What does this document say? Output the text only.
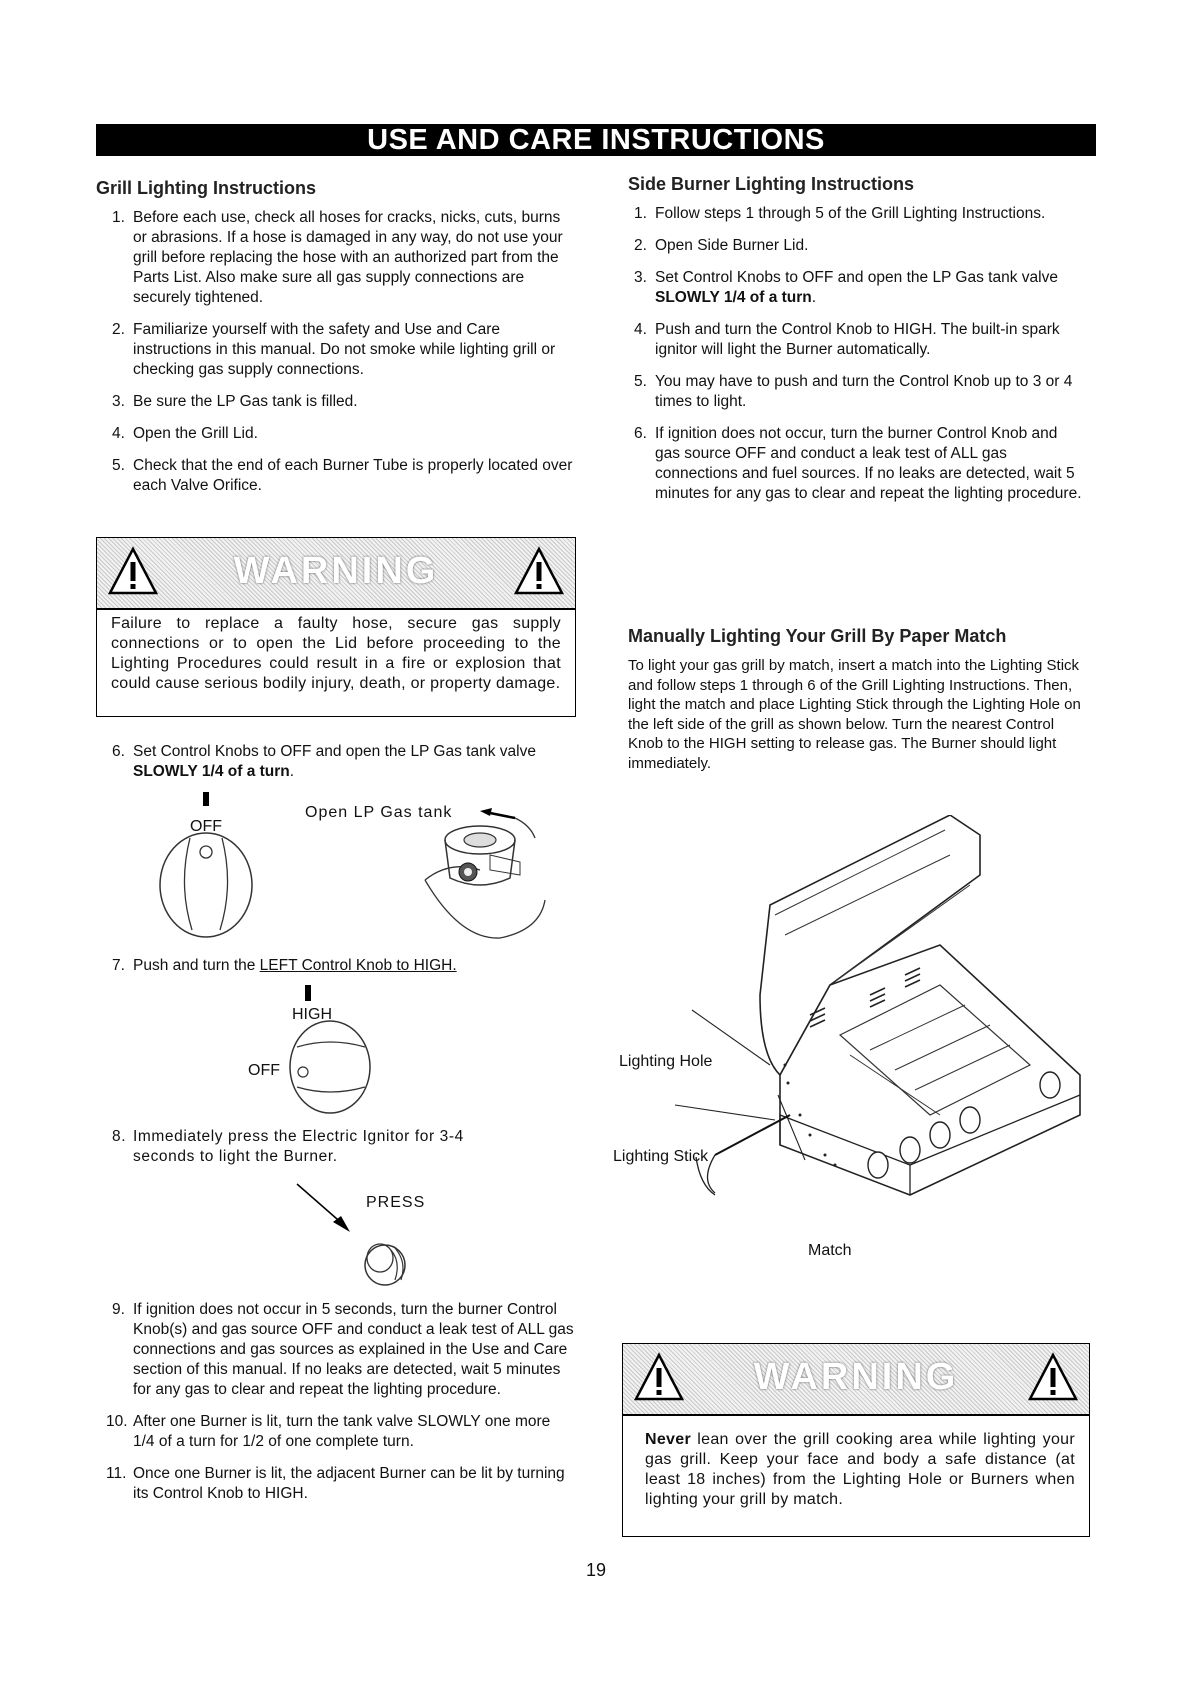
USE AND CARE INSTRUCTIONS
Grill Lighting Instructions
1. Before each use, check all hoses for cracks, nicks, cuts, burns or abrasions. If a hose is damaged in any way, do not use your grill before replacing the hose with an authorized part from the Parts List. Also make sure all gas supply connections are securely tightened.
2. Familiarize yourself with the safety and Use and Care instructions in this manual. Do not smoke while lighting grill or checking gas supply connections.
3. Be sure the LP Gas tank is filled.
4. Open the Grill Lid.
5. Check that the end of each Burner Tube is properly located over each Valve Orifice.
WARNING
Failure to replace a faulty hose, secure gas supply connections or to open the Lid before proceeding to the Lighting Procedures could result in a fire or explosion that could cause serious bodily injury, death, or property damage.
6. Set Control Knobs to OFF and open the LP Gas tank valve SLOWLY 1/4 of a turn.
OFF
Open LP Gas tank
7. Push and turn the LEFT Control Knob to HIGH.
HIGH
OFF
8. Immediately press the Electric Ignitor for 3-4 seconds to light the Burner.
PRESS
9. If ignition does not occur in 5 seconds, turn the burner Control Knob(s) and gas source OFF and conduct a leak test of ALL gas connections and gas sources as explained in the Use and Care section of this manual. If no leaks are detected, wait 5 minutes for any gas to clear and repeat the lighting procedure.
10. After one Burner is lit, turn the tank valve SLOWLY one more 1/4 of a turn for 1/2 of one complete turn.
11. Once one Burner is lit, the adjacent Burner can be lit by turning its Control Knob to HIGH.
Side Burner Lighting Instructions
1. Follow steps 1 through 5 of the Grill Lighting Instructions.
2. Open Side Burner Lid.
3. Set Control Knobs to OFF and open the LP Gas tank valve SLOWLY 1/4 of a turn.
4. Push and turn the Control Knob to HIGH. The built-in spark ignitor will light the Burner automatically.
5. You may have to push and turn the Control Knob up to 3 or 4 times to light.
6. If ignition does not occur, turn the burner Control Knob and gas source OFF and conduct a leak test of ALL gas connections and fuel sources. If no leaks are detected, wait 5 minutes for any gas to clear and repeat the lighting procedure.
Manually Lighting Your Grill By Paper Match
To light your gas grill by match, insert a match into the Lighting Stick and follow steps 1 through 6 of the Grill Lighting Instructions. Then, light the match and place Lighting Stick through the Lighting Hole on the left side of the grill as shown below. Turn the nearest Control Knob to the HIGH setting to release gas. The Burner should light immediately.
Lighting Hole
Lighting Stick
Match
WARNING
Never lean over the grill cooking area while lighting your gas grill. Keep your face and body a safe distance (at least 18 inches) from the Lighting Hole or Burners when lighting your grill by match.
19
